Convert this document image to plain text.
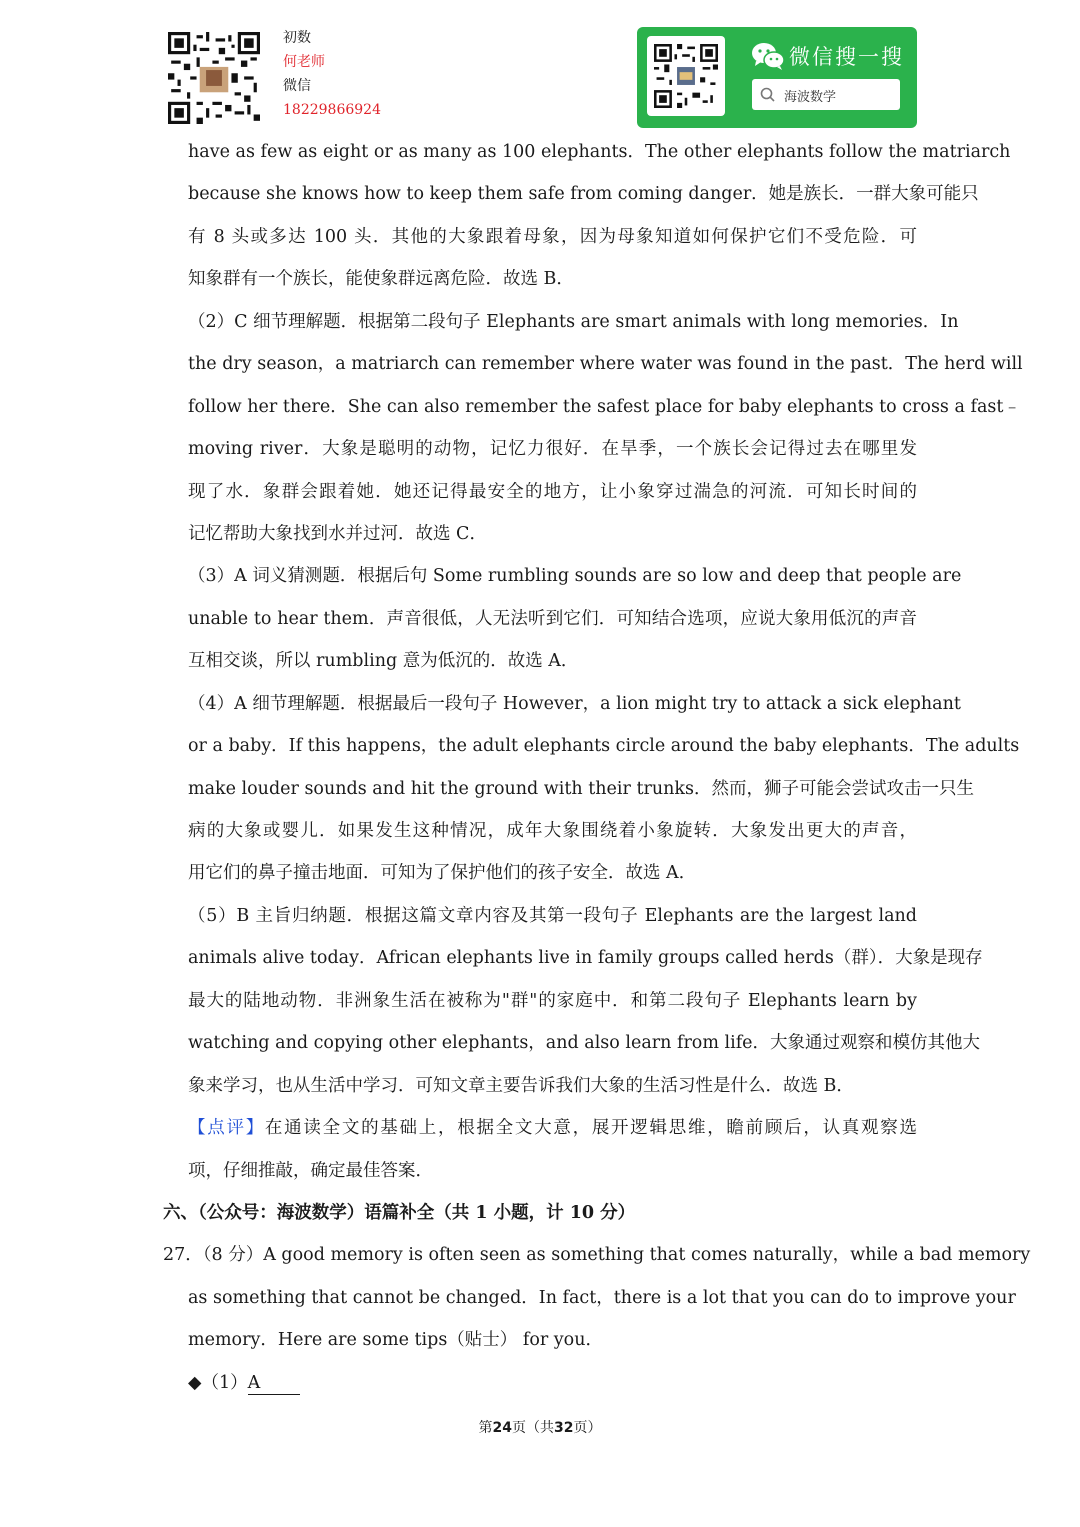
初数
何老师
微信
18229866924
微信搜一搜
海波数学
have as few as eight or as many as 100 elephants．The other elephants follow the matriarch
because she knows how to keep them safe from coming danger．她是族长．一群大象可能只
有 8 头或多达 100 头．其他的大象跟着母象，因为母象知道如何保护它们不受危险．可
知象群有一个族长，能使象群远离危险．故选 B．
（2）C 细节理解题．根据第二段句子 Elephants are smart animals with long memories．In
the dry season，a matriarch can remember where water was found in the past．The herd will
follow her there．She can also remember the safest place for baby elephants to cross a fast﹣
moving river．大象是聪明的动物，记忆力很好．在旱季，一个族长会记得过去在哪里发
现了水．象群会跟着她．她还记得最安全的地方，让小象穿过湍急的河流．可知长时间的
记忆帮助大象找到水并过河．故选 C．
（3）A 词义猜测题．根据后句 Some rumbling sounds are so low and deep that people are
unable to hear them．声音很低，人无法听到它们．可知结合选项，应说大象用低沉的声音
互相交谈，所以 rumbling 意为低沉的．故选 A．
（4）A 细节理解题．根据最后一段句子 However，a lion might try to attack a sick elephant
or a baby．If this happens，the adult elephants circle around the baby elephants．The adults
make louder sounds and hit the ground with their trunks．然而，狮子可能会尝试攻击一只生
病的大象或婴儿．如果发生这种情况，成年大象围绕着小象旋转．大象发出更大的声音，
用它们的鼻子撞击地面．可知为了保护他们的孩子安全．故选 A．
（5）B 主旨归纳题．根据这篇文章内容及其第一段句子 Elephants are the largest land
animals alive today．African elephants live in family groups called herds（群）．大象是现存
最大的陆地动物．非洲象生活在被称为"群"的家庭中．和第二段句子 Elephants learn by
watching and copying other elephants，and also learn from life．大象通过观察和模仿其他大
象来学习，也从生活中学习．可知文章主要告诉我们大象的生活习性是什么．故选 B．
【点评】在通读全文的基础上，根据全文大意，展开逻辑思维，瞻前顾后，认真观察选
项，仔细推敲，确定最佳答案．
六、（公众号：海波数学）语篇补全（共 1 小题，计 10 分）
27．（8 分）A good memory is often seen as something that comes naturally，while a bad memory
as something that cannot be changed．In fact，there is a lot that you can do to improve your
memory．Here are some tips（贴士） for you．
◆（1）A
第24页（共32页）
